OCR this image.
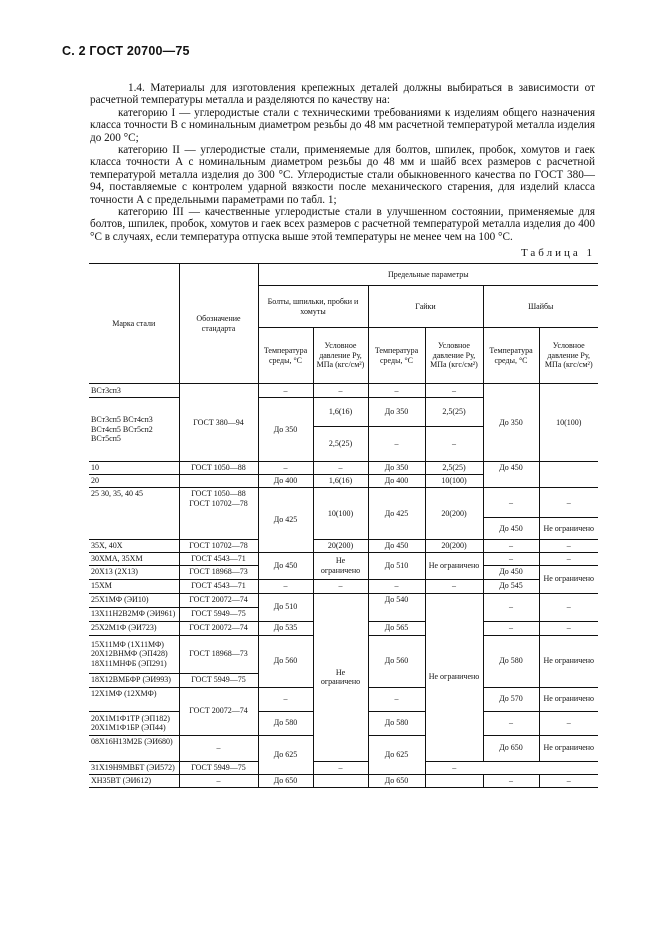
С. 2 ГОСТ 20700—75

1.4. Материалы для изготовления крепежных деталей должны выбираться в зависимости от расчетной температуры металла и разделяются по качеству на:

категорию I — углеродистые стали с техническими требованиями к изделиям общего назначения класса точности В с номинальным диаметром резьбы до 48 мм расчетной температурой металла изделия до 200 °С;

категорию II — углеродистые стали, применяемые для болтов, шпилек, пробок, хомутов и гаек класса точности А с номинальным диаметром резьбы до 48 мм и шайб всех размеров с расчетной температурой металла изделия до 300 °С. Углеродистые стали обыкновенного качества по ГОСТ 380—94, поставляемые с контролем ударной вязкости после механического старения, для изделий класса точности А с предельными параметрами по табл. 1;

категорию III — качественные углеродистые стали в улучшенном состоянии, применяемые для болтов, шпилек, пробок, хомутов и гаек всех размеров с расчетной температурой металла изделия до 400 °С в случаях, если температура отпуска выше этой температуры не менее чем на 100 °С.

Таблица 1
Марка стали	Обозначение стандарта	Предельные параметры					
		Болты, шпильки, пробки и хомуты		Гайки		Шайбы	
		Температура среды, °С	Условное давление Pу, МПа (кгс/см²)	Температура среды, °С	Условное давление Pу, МПа (кгс/см²)	Температура среды, °С	Условное давление Pу, МПа (кгс/см²)
ВСт3сп3	ГОСТ 380—94	–	–	–	–	До 350	10(100)
ВСт3сп5 ВСт4сп3 ВСт4сп5 ВСт5сп2 ВСт5сп5		До 350	1,6(16)	До 350	2,5(25)		
			2,5(25)	–	–		
10	ГОСТ 1050—88	–	–	До 350	2,5(25)	До 450	
20		До 400	1,6(16)	До 400	10(100)		
25 30, 35, 40 45	ГОСТ 1050—88 ГОСТ 10702—78	До 425	10(100)	До 425	20(200)	–	–
						До 450	Не ограничено
35Х, 40Х	ГОСТ 10702—78		20(200)	До 450	20(200)	–	–
30ХМА, 35ХМ	ГОСТ 4543—71	До 450	Не ограничено	До 510	Не ограничено	–	–
20Х13 (2Х13)	ГОСТ 18968—73					До 450	Не ограничено
15ХМ	ГОСТ 4543—71	–	–	–	–	До 545	
25Х1МФ (ЭИ10)	ГОСТ 20072—74	До 510	Не ограничено	До 540	Не ограничено	–	–
13Х11Н2В2МФ (ЭИ961)	ГОСТ 5949—75						
25Х2М1Ф (ЭИ723)	ГОСТ 20072—74	До 535		До 565		–	–
15Х11МФ (1Х11МФ) 20Х12ВНМФ (ЭП428) 18Х11МНФБ (ЭП291)	ГОСТ 18968—73	До 560		До 560		До 580	Не ограничено
18Х12ВМБФР (ЭИ993)	ГОСТ 5949—75						
12Х1МФ (12ХМФ)	ГОСТ 20072—74	–		–		До 570	Не ограничено
20Х1М1Ф1ТР (ЭП182) 20Х1М1Ф1БР (ЭП44)		До 580		До 580		–	–
08Х16Н13М2Б (ЭИ680)	–	До 625		До 625		До 650	Не ограничено
31Х19Н9МВБТ (ЭИ572)	ГОСТ 5949—75		–		–		
ХН35ВТ (ЭИ612)	–	До 650		До 650		–	–
